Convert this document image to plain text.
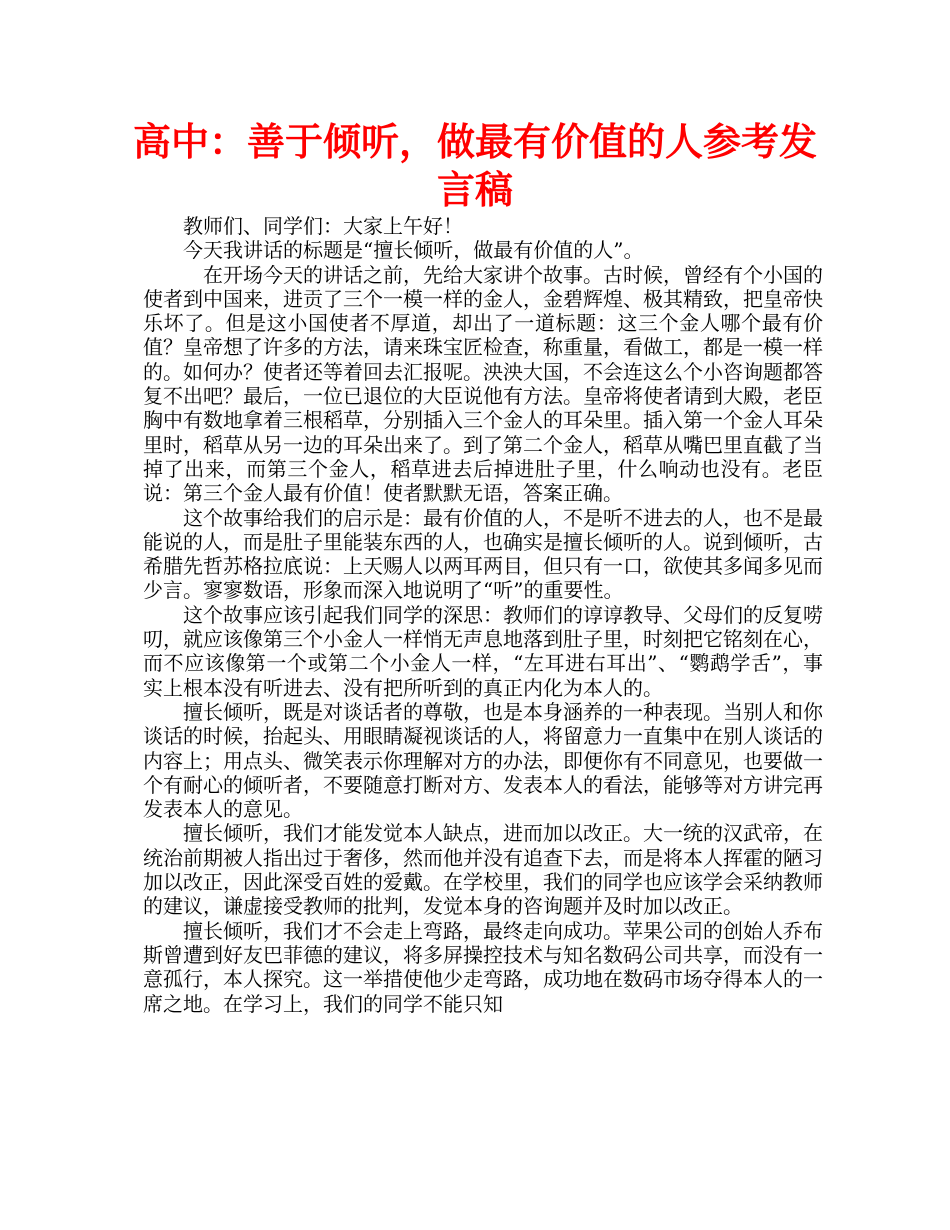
高中：善于倾听，做最有价值的人参考发言稿

教师们、同学们：大家上午好！

今天我讲话的标题是“擅长倾听，做最有价值的人”。

在开场今天的讲话之前，先给大家讲个故事。古时候，曾经有个小国的使者到中国来，进贡了三个一模一样的金人，金碧辉煌、极其精致，把皇帝快乐坏了。但是这小国使者不厚道，却出了一道标题：这三个金人哪个最有价值？皇帝想了许多的方法，请来珠宝匠检查，称重量，看做工，都是一模一样的。如何办？使者还等着回去汇报呢。泱泱大国，不会连这么个小咨询题都答复不出吧？最后，一位已退位的大臣说他有方法。皇帝将使者请到大殿，老臣胸中有数地拿着三根稻草，分别插入三个金人的耳朵里。插入第一个金人耳朵里时，稻草从另一边的耳朵出来了。到了第二个金人，稻草从嘴巴里直截了当掉了出来，而第三个金人，稻草进去后掉进肚子里，什么响动也没有。老臣说：第三个金人最有价值！使者默默无语，答案正确。

这个故事给我们的启示是：最有价值的人，不是听不进去的人，也不是最能说的人，而是肚子里能装东西的人，也确实是擅长倾听的人。说到倾听，古希腊先哲苏格拉底说：上天赐人以两耳两目，但只有一口，欲使其多闻多见而少言。寥寥数语，形象而深入地说明了“听”的重要性。

这个故事应该引起我们同学的深思：教师们的谆谆教导、父母们的反复唠叨，就应该像第三个小金人一样悄无声息地落到肚子里，时刻把它铭刻在心，而不应该像第一个或第二个小金人一样，“左耳进右耳出”、“鹦鹉学舌”，事实上根本没有听进去、没有把所听到的真正内化为本人的。

擅长倾听，既是对谈话者的尊敬，也是本身涵养的一种表现。当别人和你谈话的时候，抬起头、用眼睛凝视谈话的人，将留意力一直集中在别人谈话的内容上；用点头、微笑表示你理解对方的办法，即便你有不同意见，也要做一个有耐心的倾听者，不要随意打断对方、发表本人的看法，能够等对方讲完再发表本人的意见。

擅长倾听，我们才能发觉本人缺点，进而加以改正。大一统的汉武帝，在统治前期被人指出过于奢侈，然而他并没有追查下去，而是将本人挥霍的陋习加以改正，因此深受百姓的爱戴。在学校里，我们的同学也应该学会采纳教师的建议，谦虚接受教师的批判，发觉本身的咨询题并及时加以改正。

擅长倾听，我们才不会走上弯路，最终走向成功。苹果公司的创始人乔布斯曾遭到好友巴菲德的建议，将多屏操控技术与知名数码公司共享，而没有一意孤行，本人探究。这一举措使他少走弯路，成功地在数码市场夺得本人的一席之地。在学习上，我们的同学不能只知
